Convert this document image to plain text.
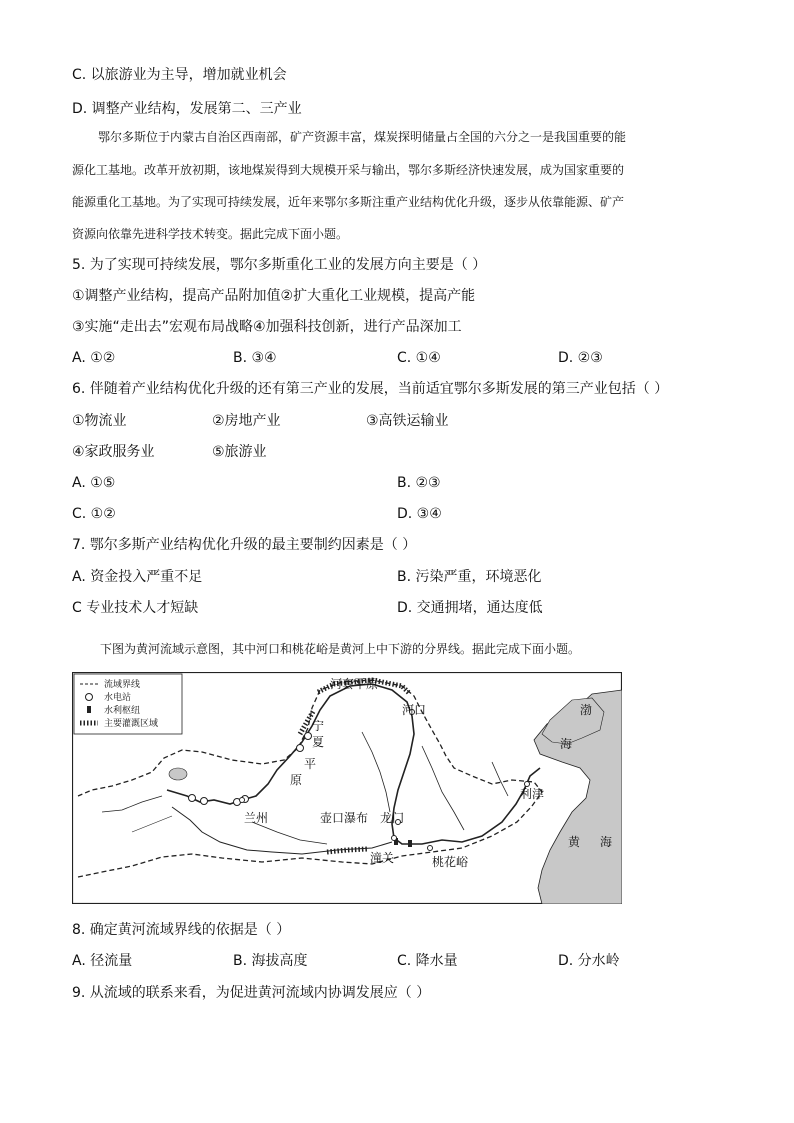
C. 以旅游业为主导，增加就业机会
D. 调整产业结构，发展第二、三产业
鄂尔多斯位于内蒙古自治区西南部，矿产资源丰富，煤炭探明储量占全国的六分之一是我国重要的能
源化工基地。改革开放初期，该地煤炭得到大规模开采与输出，鄂尔多斯经济快速发展，成为国家重要的
能源重化工基地。为了实现可持续发展，近年来鄂尔多斯注重产业结构优化升级，逐步从依靠能源、矿产
资源向依靠先进科学技术转变。据此完成下面小题。
5. 为了实现可持续发展，鄂尔多斯重化工业的发展方向主要是（ ）
①调整产业结构，提高产品附加值②扩大重化工业规模，提高产能
③实施“走出去”宏观布局战略④加强科技创新，进行产品深加工
A. ①②	B. ③④	C. ①④	D. ②③
6. 伴随着产业结构优化升级的还有第三产业的发展，当前适宜鄂尔多斯发展的第三产业包括（ ）
①物流业	②房地产业	③高铁运输业
④家政服务业	⑤旅游业
A. ①⑤	B. ②③
C. ①②	D. ③④
7. 鄂尔多斯产业结构优化升级的最主要制约因素是（ ）
A. 资金投入严重不足	B. 污染严重，环境恶化
C 专业技术人才短缺	D. 交通拥堵，通达度低
下图为黄河流域示意图，其中河口和桃花峪是黄河上中下游的分界线。据此完成下面小题。
流域界线
水电站
水利枢纽
主要灌溉区域
河套平原
河口
宁
夏
平
原
兰州	壶口瀑布 龙门
潼关	桃花峪
利津
渤
海
黄 海
8. 确定黄河流域界线的依据是（ ）
A. 径流量	B. 海拔高度	C. 降水量	D. 分水岭
9. 从流域的联系来看，为促进黄河流域内协调发展应（ ）
